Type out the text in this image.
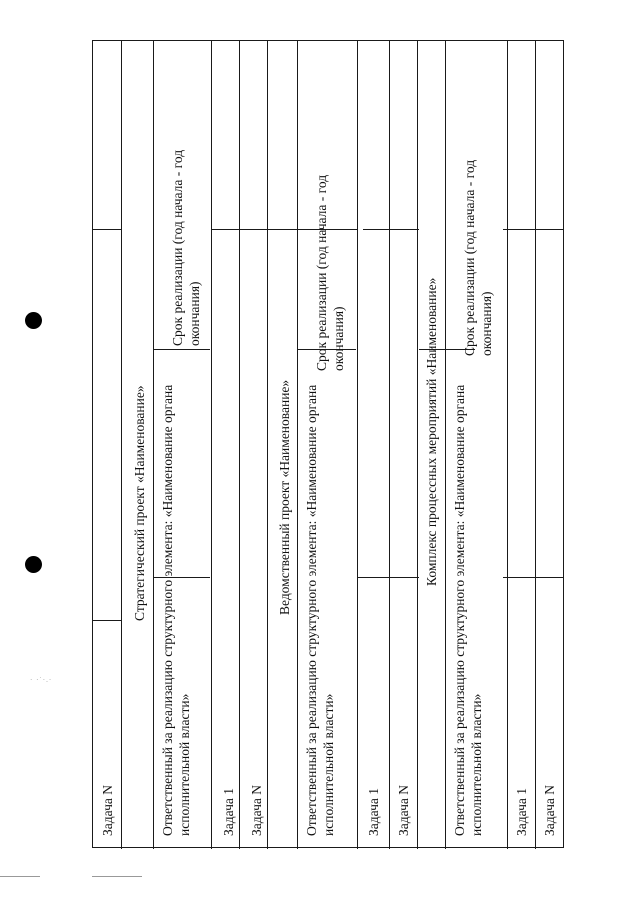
· ·˙·.·
Задача N
Стратегический проект «Наименование» Ответственный за реализацию структурного элемента: «Наименование органа исполнительной власти»
Срок реализации (год начала - год окончания)
Задача 1 Задача N
Ведомственный проект «Наименование» Ответственный за реализацию структурного элемента: «Наименование органа исполнительной власти»
Срок реализации (год начала - год окончания)
Задача 1 Задача N
Комплекс процессных мероприятий «Наименование» Ответственный за реализацию структурного элемента: «Наименование органа исполнительной власти»
Срок реализации (год начала - год окончания)
Задача 1 Задача N
